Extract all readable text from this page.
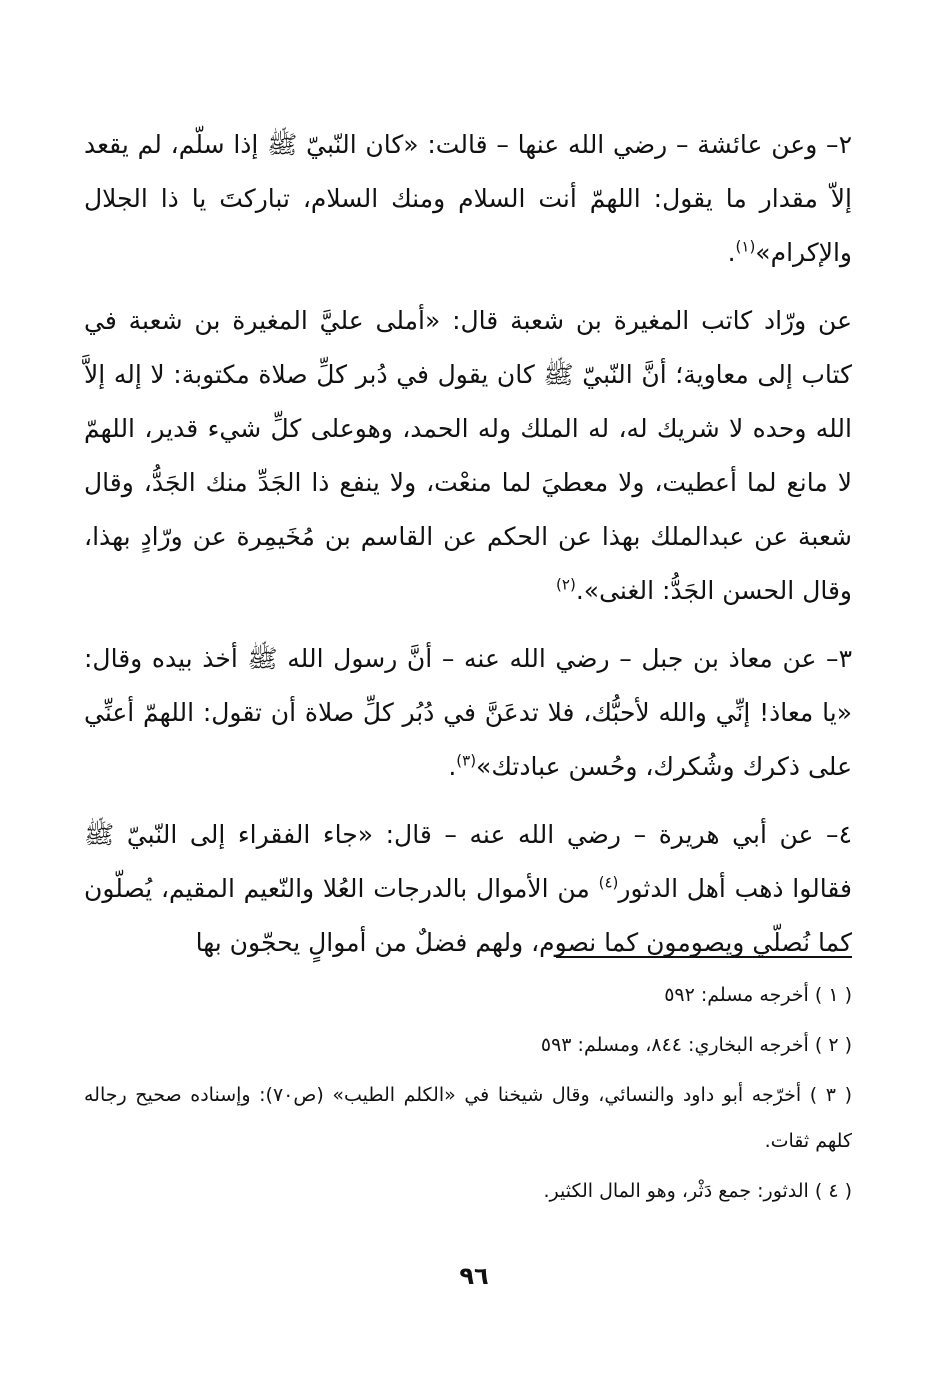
٢– وعن عائشة – رضي الله عنها – قالت: «كان النّبيّ ﷺ إذا سلّم، لم يقعد إلاّ مقدار ما يقول: اللهمّ أنت السلام ومنك السلام، تباركتَ يا ذا الجلال والإكرام»$^{(١)}$.

عن ورّاد كاتب المغيرة بن شعبة قال: «أملى عليَّ المغيرة بن شعبة في كتاب إلى معاوية؛ أنَّ النّبيّ ﷺ كان يقول في دُبر كلِّ صلاة مكتوبة: لا إله إلاَّ الله وحده لا شريك له، له الملك وله الحمد، وهوعلى كلِّ شيء قدير، اللهمّ لا مانع لما أعطيت، ولا معطيَ لما منعْت، ولا ينفع ذا الجَدِّ منك الجَدُّ، وقال شعبة عن عبدالملك بهذا عن الحكم عن القاسم بن مُخَيمِرة عن ورّادٍ بهذا، وقال الحسن الجَدُّ: الغنى».$^{(٢)}$

٣– عن معاذ بن جبل – رضي الله عنه – أنَّ رسول الله ﷺ أخذ بيده وقال: «يا معاذ! إنِّي والله لأحبُّك، فلا تدعَنَّ في دُبُر كلِّ صلاة أن تقول: اللهمّ أعنِّي على ذكرك وشُكرك، وحُسن عبادتك»$^{(٣)}$.

٤– عن أبي هريرة – رضي الله عنه – قال: «جاء الفقراء إلى النّبيّ ﷺ فقالوا ذهب أهل الدثور$^{(٤)}$ من الأموال بالدرجات العُلا والنّعيم المقيم، يُصلّون كما نُصلّي ويصومون كما نصوم، ولهم فضلٌ من أموالٍ يحجّون بها

( ١ ) أخرجه مسلم: ٥٩٢

( ٢ ) أخرجه البخاري: ٨٤٤، ومسلم: ٥٩٣

( ٣ ) أخرّجه أبو داود والنسائي، وقال شيخنا في «الكلم الطيب» (ص٧٠): وإسناده صحيح رجاله كلهم ثقات.

( ٤ ) الدثور: جمع دَثْر، وهو المال الكثير.

٩٦
